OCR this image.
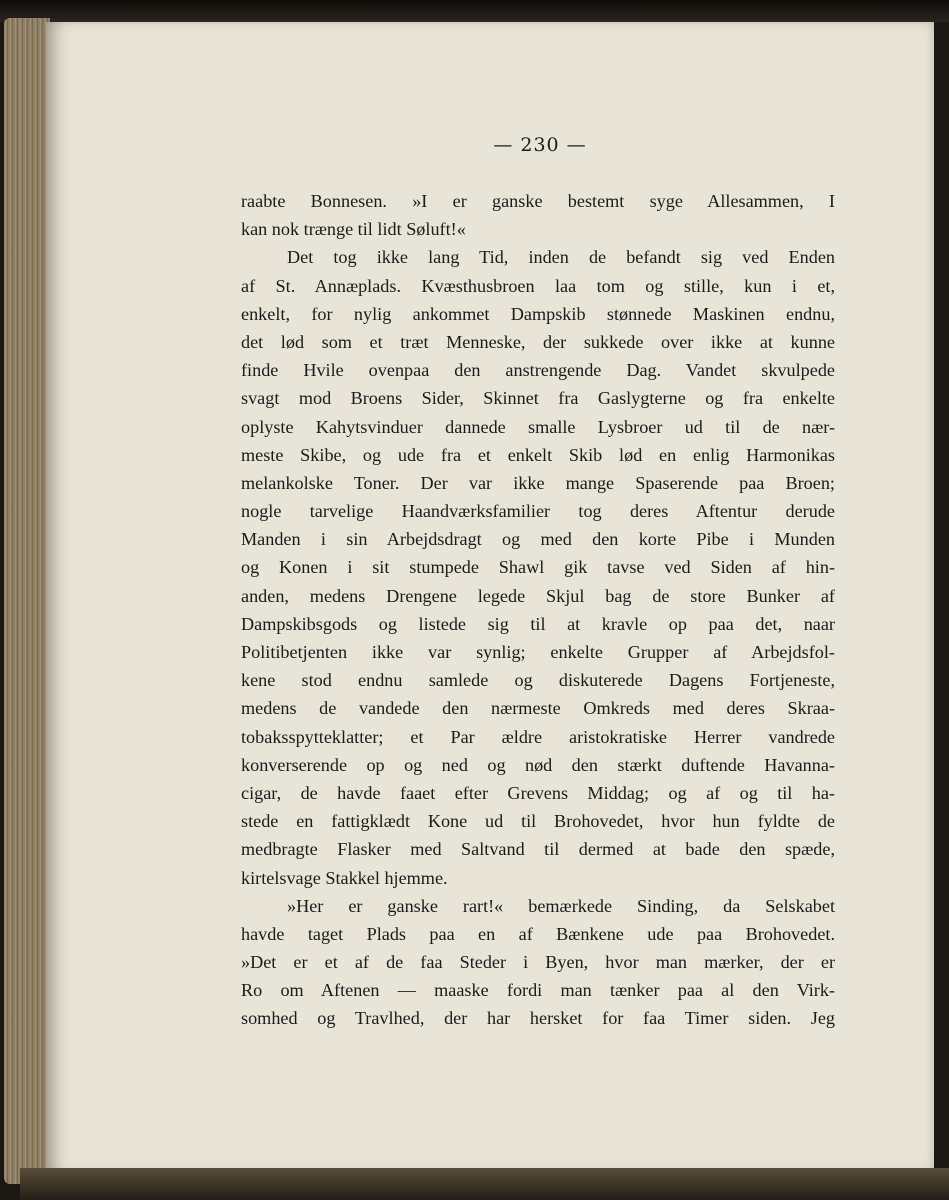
— 230 —
raabte Bonnesen. »I er ganske bestemt syge Allesammen, I
kan nok trænge til lidt Søluft!«
Det tog ikke lang Tid, inden de befandt sig ved Enden
af St. Annæplads. Kvæsthusbroen laa tom og stille, kun i et,
enkelt, for nylig ankommet Dampskib stønnede Maskinen endnu,
det lød som et træt Menneske, der sukkede over ikke at kunne
finde Hvile ovenpaa den anstrengende Dag. Vandet skvulpede
svagt mod Broens Sider, Skinnet fra Gaslygterne og fra enkelte
oplyste Kahytsvinduer dannede smalle Lysbroer ud til de nær-
meste Skibe, og ude fra et enkelt Skib lød en enlig Harmonikas
melankolske Toner. Der var ikke mange Spaserende paa Broen;
nogle tarvelige Haandværksfamilier tog deres Aftentur derude
Manden i sin Arbejdsdragt og med den korte Pibe i Munden
og Konen i sit stumpede Shawl gik tavse ved Siden af hin-
anden, medens Drengene legede Skjul bag de store Bunker af
Dampskibsgods og listede sig til at kravle op paa det, naar
Politibetjenten ikke var synlig; enkelte Grupper af Arbejdsfol-
kene stod endnu samlede og diskuterede Dagens Fortjeneste,
medens de vandede den nærmeste Omkreds med deres Skraa-
tobaksspytteklatter; et Par ældre aristokratiske Herrer vandrede
konverserende op og ned og nød den stærkt duftende Havanna-
cigar, de havde faaet efter Grevens Middag; og af og til ha-
stede en fattigklædt Kone ud til Brohovedet, hvor hun fyldte de
medbragte Flasker med Saltvand til dermed at bade den spæde,
kirtelsvage Stakkel hjemme.
»Her er ganske rart!« bemærkede Sinding, da Selskabet
havde taget Plads paa en af Bænkene ude paa Brohovedet.
»Det er et af de faa Steder i Byen, hvor man mærker, der er
Ro om Aftenen — maaske fordi man tænker paa al den Virk-
somhed og Travlhed, der har hersket for faa Timer siden. Jeg
